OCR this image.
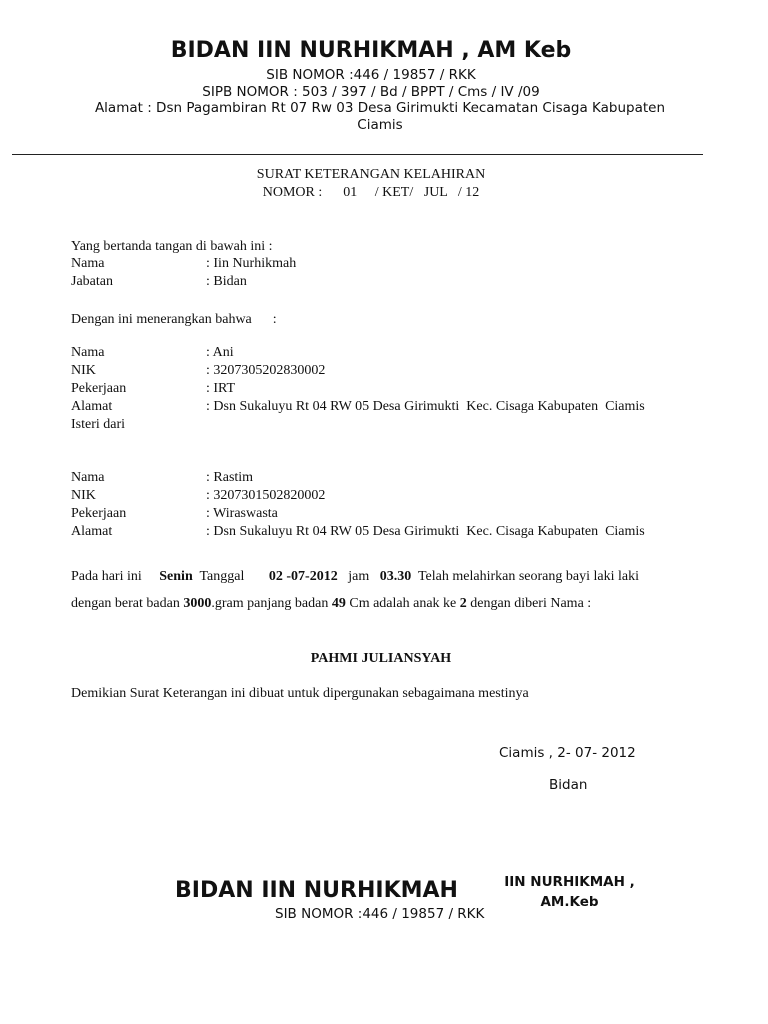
BIDAN IIN NURHIKMAH , AM Keb
SIB NOMOR :446 / 19857 / RKK
SIPB NOMOR : 503 / 397 / Bd / BPPT / Cms / IV /09
Alamat : Dsn Pagambiran Rt 07 Rw 03 Desa Girimukti Kecamatan Cisaga Kabupaten Ciamis
SURAT KETERANGAN KELAHIRAN
NOMOR :      01     / KET/   JUL   / 12
Yang bertanda tangan di bawah ini :
Nama	: Iin Nurhikmah
Jabatan	: Bidan
Dengan ini menerangkan bahwa      :
Nama	: Ani
NIK	: 3207305202830002
Pekerjaan	: IRT
Alamat	: Dsn Sukaluyu Rt 04 RW 05 Desa Girimukti  Kec. Cisaga Kabupaten  Ciamis
Isteri dari
Nama	: Rastim
NIK	: 3207301502820002
Pekerjaan	: Wiraswasta
Alamat	: Dsn Sukaluyu Rt 04 RW 05 Desa Girimukti  Kec. Cisaga Kabupaten  Ciamis
Pada hari ini Senin Tanggal 02 -07-2012 jam 03.30 Telah melahirkan seorang bayi laki laki
dengan berat badan 3000.gram panjang badan 49 Cm adalah anak ke 2 dengan diberi Nama :
PAHMI JULIANSYAH
Demikian Surat Keterangan ini dibuat untuk dipergunakan sebagaimana mestinya
Ciamis , 2- 07- 2012
Bidan
BIDAN IIN NURHIKMAH
SIB NOMOR :446 / 19857 / RKK
IIN NURHIKMAH ,
AM.Keb
